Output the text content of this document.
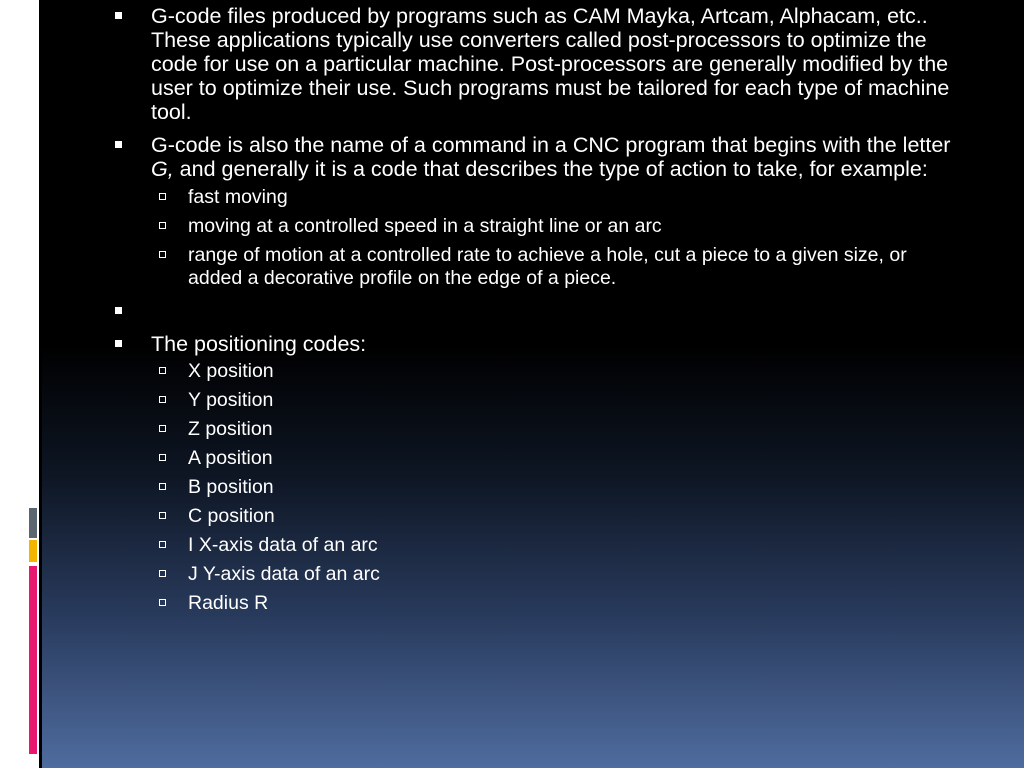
G-code files produced by programs such as CAM Mayka, Artcam, Alphacam, etc.. These applications typically use converters called post-processors to optimize the code for use on a particular machine. Post-processors are generally modified by the user to optimize their use. Such programs must be tailored for each type of machine tool.
G-code is also the name of a command in a CNC program that begins with the letter G, and generally it is a code that describes the type of action to take, for example:
fast moving
moving at a controlled speed in a straight line or an arc
range of motion at a controlled rate to achieve a hole, cut a piece to a given size, or added a decorative profile on the edge of a piece.
The positioning codes:
X position
Y position
Z position
A position
B position
C position
I X-axis data of an arc
J Y-axis data of an arc
Radius R
